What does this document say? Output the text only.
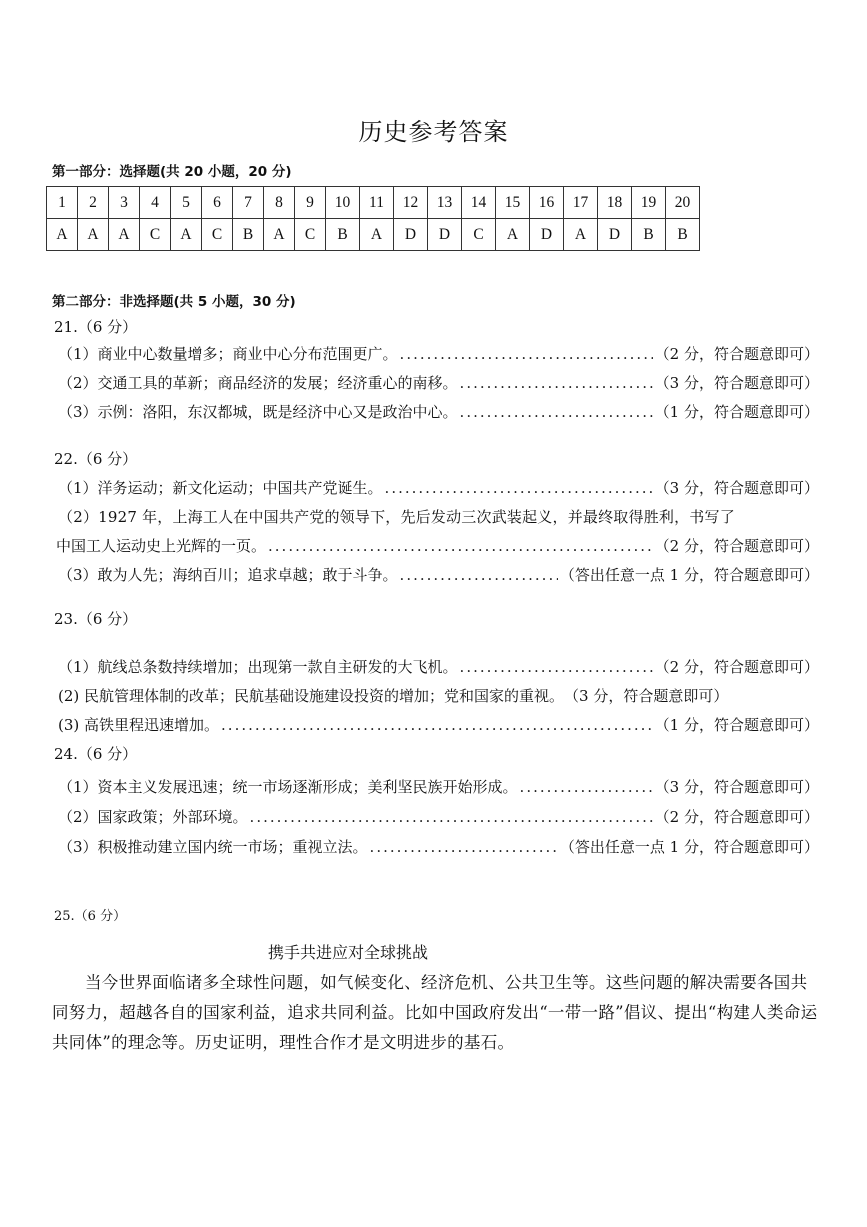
历史参考答案
第一部分：选择题(共 20 小题，20 分)
1	2	3	4	5	6	7	8	9	10	11	12	13	14	15	16	17	18	19	20
A	A	A	C	A	C	B	A	C	B	A	D	D	C	A	D	A	D	B	B
第二部分：非选择题(共 5 小题，30 分)
21.（6 分）
（1）商业中心数量增多；商业中心分布范围更广。 .....	（2 分，符合题意即可）
（2）交通工具的革新；商品经济的发展；经济重心的南移。 .....	（3 分，符合题意即可）
（3）示例：洛阳，东汉都城，既是经济中心又是政治中心。 .....	（1 分，符合题意即可）
22.（6 分）
（1）洋务运动；新文化运动；中国共产党诞生。 .....	（3 分，符合题意即可）
（2）1927 年，上海工人在中国共产党的领导下，先后发动三次武装起义，并最终取得胜利，书写了
中国工人运动史上光辉的一页。 .....	（2 分，符合题意即可）
（3）敢为人先；海纳百川；追求卓越；敢于斗争。 .....	（答出任意一点 1 分，符合题意即可）
23.（6 分）
（1）航线总条数持续增加；出现第一款自主研发的大飞机。 .....	（2 分，符合题意即可）
(2) 民航管理体制的改革；民航基础设施建设投资的增加；党和国家的重视。 （3 分，符合题意即可）
(3) 高铁里程迅速增加。 .....	（1 分，符合题意即可）
24.（6 分）
（1）资本主义发展迅速；统一市场逐渐形成；美利坚民族开始形成。 .....	（3 分，符合题意即可）
（2）国家政策；外部环境。 .....	（2 分，符合题意即可）
（3）积极推动建立国内统一市场；重视立法。 .....	（答出任意一点 1 分，符合题意即可）
25.（6 分）
携手共进应对全球挑战
当今世界面临诸多全球性问题，如气候变化、经济危机、公共卫生等。这些问题的解决需要各国共同努力，超越各自的国家利益，追求共同利益。比如中国政府发出“一带一路”倡议、提出“构建人类命运共同体”的理念等。历史证明，理性合作才是文明进步的基石。
